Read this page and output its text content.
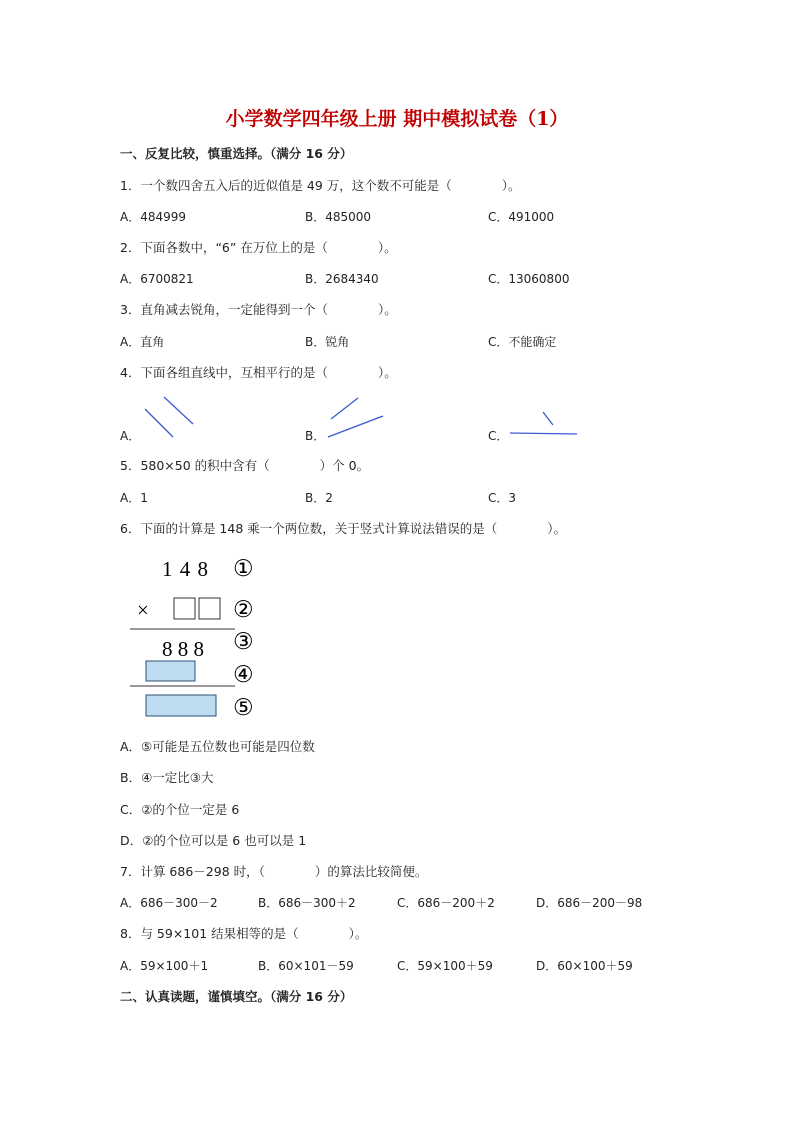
小学数学四年级上册 期中模拟试卷（1）
一、反复比较，慎重选择。（满分 16 分）
1．一个数四舍五入后的近似值是 49 万，这个数不可能是（　　　　）。
A．484999	B．485000	C．491000
2．下面各数中，“6” 在万位上的是（　　　　）。
A．6700821	B．2684340	C．13060800
3．直角减去锐角，一定能得到一个（　　　　）。
A．直角	B．锐角	C．不能确定
4．下面各组直线中，互相平行的是（　　　　）。
A．	B．	C．
5．580×50 的积中含有（　　　　）个 0。
A．1	B．2	C．3
6．下面的计算是 148 乘一个两位数，关于竖式计算说法错误的是（　　　　）。
1 4 8
×
8 8 8
①
②
③
④
⑤
A．⑤可能是五位数也可能是四位数
B．④一定比③大
C．②的个位一定是 6
D．②的个位可以是 6 也可以是 1
7．计算 686－298 时，（　　　　）的算法比较简便。
A．686－300－2	B．686－300＋2	C．686－200＋2	D．686－200－98
8．与 59×101 结果相等的是（　　　　）。
A．59×100＋1	B．60×101－59	C．59×100＋59	D．60×100＋59
二、认真读题，谨慎填空。（满分 16 分）
